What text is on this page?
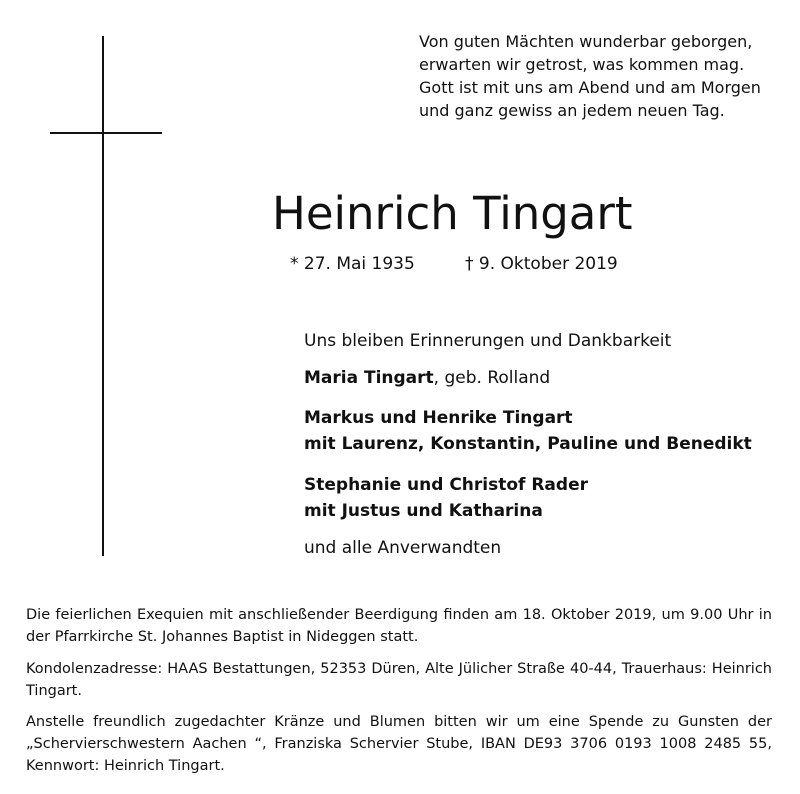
Von guten Mächten wunderbar geborgen,
erwarten wir getrost, was kommen mag.
Gott ist mit uns am Abend und am Morgen
und ganz gewiss an jedem neuen Tag.
Heinrich Tingart
* 27. Mai 1935	† 9. Oktober 2019
Uns bleiben Erinnerungen und Dankbarkeit
Maria Tingart, geb. Rolland
Markus und Henrike Tingart
mit Laurenz, Konstantin, Pauline und Benedikt
Stephanie und Christof Rader
mit Justus und Katharina
und alle Anverwandten
Die feierlichen Exequien mit anschließender Beerdigung finden am 18. Oktober 2019, um 9.00 Uhr in der Pfarrkirche St. Johannes Baptist in Nideggen statt.
Kondolenzadresse: HAAS Bestattungen, 52353 Düren, Alte Jülicher Straße 40-44, Trauerhaus: Heinrich Tingart.
Anstelle freundlich zugedachter Kränze und Blumen bitten wir um eine Spende zu Gunsten der „Schervierschwestern Aachen “, Franziska Schervier Stube, IBAN DE93 3706 0193 1008 2485 55, Kennwort: Heinrich Tingart.
